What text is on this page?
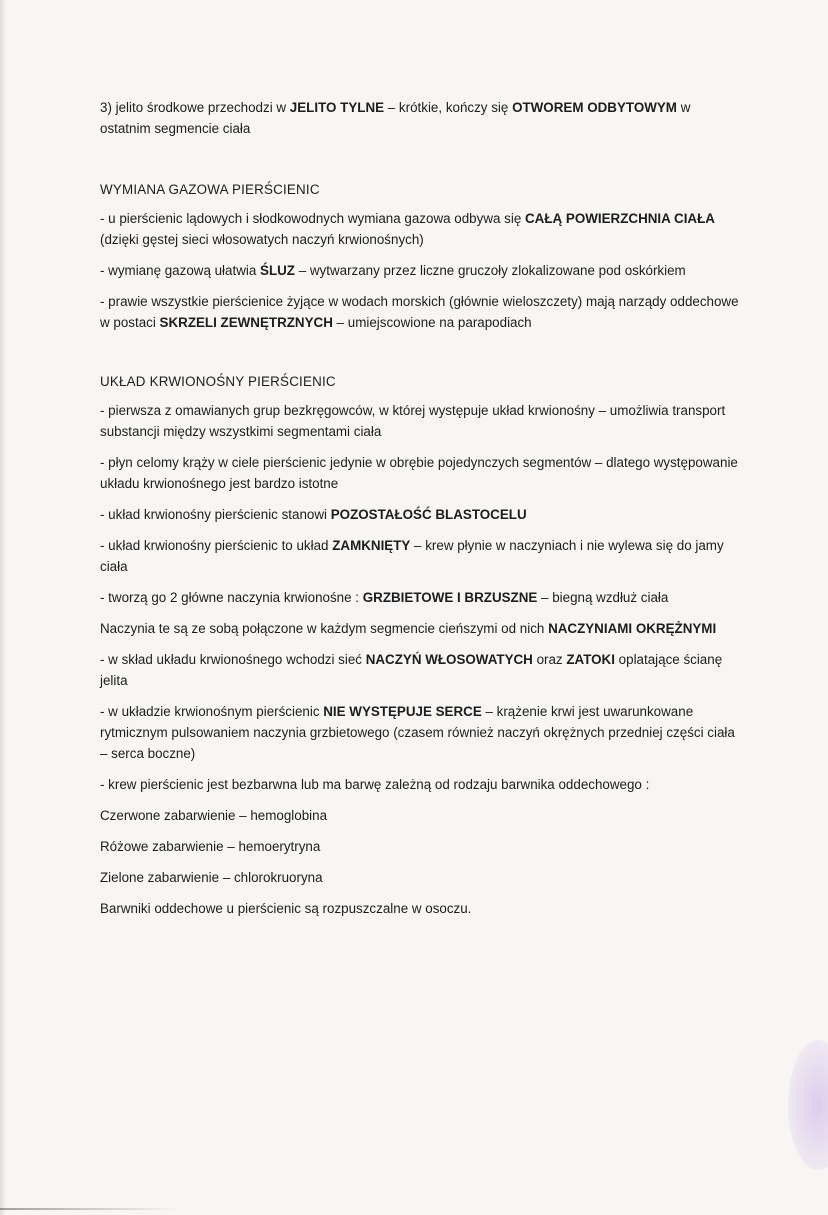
3) jelito środkowe przechodzi w JELITO TYLNE – krótkie, kończy się OTWOREM ODBYTOWYM w ostatnim segmencie ciała

WYMIANA GAZOWA PIERŚCIENIC

- u pierścienic lądowych i słodkowodnych wymiana gazowa odbywa się CAŁĄ POWIERZCHNIA CIAŁA (dzięki gęstej sieci włosowatych naczyń krwionośnych)

- wymianę gazową ułatwia ŚLUZ – wytwarzany przez liczne gruczoły zlokalizowane pod oskórkiem

- prawie wszystkie pierścienice żyjące w wodach morskich (głównie wieloszczety) mają narządy oddechowe w postaci SKRZELI ZEWNĘTRZNYCH – umiejscowione na parapodiach

UKŁAD KRWIONOŚNY PIERŚCIENIC

- pierwsza z omawianych grup bezkręgowców, w której występuje układ krwionośny – umożliwia transport substancji między wszystkimi segmentami ciała

- płyn celomy krąży w ciele pierścienic jedynie w obrębie pojedynczych segmentów – dlatego występowanie układu krwionośnego jest bardzo istotne

- układ krwionośny pierścienic stanowi POZOSTAŁOŚĆ BLASTOCELU

- układ krwionośny pierścienic to układ ZAMKNIĘTY – krew płynie w naczyniach i nie wylewa się do jamy ciała

- tworzą go 2 główne naczynia krwionośne : GRZBIETOWE I BRZUSZNE – biegną wzdłuż ciała

Naczynia te są ze sobą połączone w każdym segmencie cieńszymi od nich NACZYNIAMI OKRĘŻNYMI

- w skład układu krwionośnego wchodzi sieć NACZYŃ WŁOSOWATYCH oraz ZATOKI oplatające ścianę jelita

- w układzie krwionośnym pierścienic NIE WYSTĘPUJE SERCE – krążenie krwi jest uwarunkowane rytmicznym pulsowaniem naczynia grzbietowego (czasem również naczyń okrężnych przedniej części ciała – serca boczne)

- krew pierścienic jest bezbarwna lub ma barwę zależną od rodzaju barwnika oddechowego :

Czerwone zabarwienie – hemoglobina

Różowe zabarwienie – hemoerytryna

Zielone zabarwienie – chlorokruoryna

Barwniki oddechowe u pierścienic są rozpuszczalne w osoczu.
